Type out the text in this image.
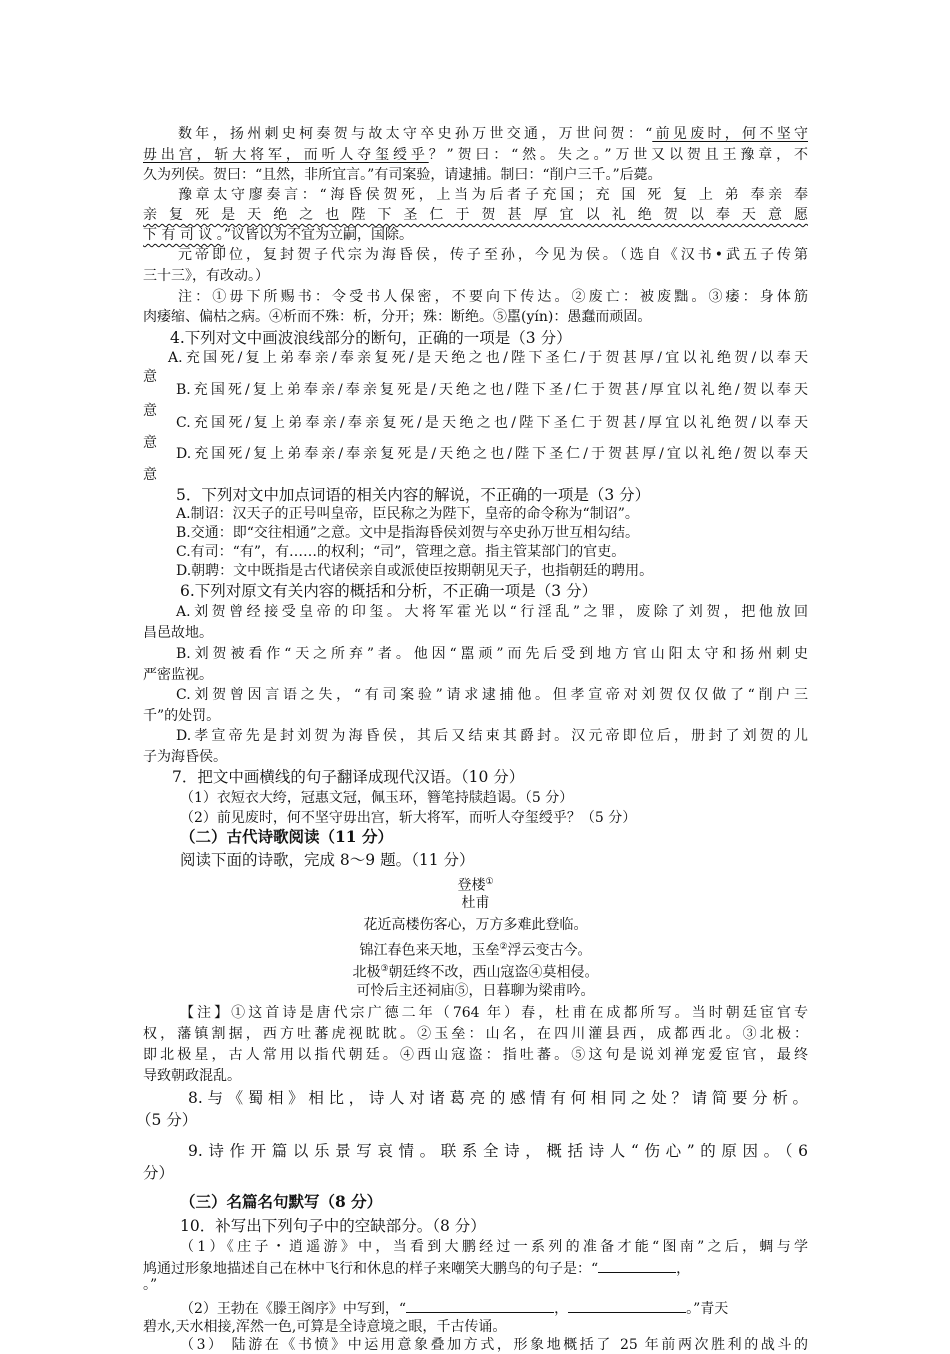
数年，扬州刺史柯奏贺与故太守卒史孙万世交通，万世问贺：“前见废时，何不坚守
毋出宫，斩大将军，而听人夺玺绶乎？”贺曰：“然。失之。”万世又以贺且王豫章，不
久为列侯。贺曰：“且然，非所宜言。”有司案验，请逮捕。制曰：“削户三千。”后薨。
豫章太守廖奏言：“海昏侯贺死，上当为后者子充国；充 国 死 复 上 弟 奉亲 奉
亲 复 死 是 天 绝 之 也 陛 下 圣 仁 于 贺 甚 厚 宜 以 礼 绝 贺 以 奉 天 意 愿
下 有 司 议 。”议皆以为不宜为立嗣，国除。
元帝即位，复封贺子代宗为海昏侯，传子至孙，今见为侯。（选自《汉书•武五子传第
三十三》，有改动。）
注：①毋下所赐书：令受书人保密，不要向下传达。②废亡：被废黜。③痿：身体筋
肉痿缩、偏枯之病。④析而不殊：析，分开；殊：断绝。⑤嚚(yín)：愚蠢而顽固。
4.下列对文中画波浪线部分的断句，正确的一项是（3 分）
A.充国死/复上弟奉亲/奉亲复死/是天绝之也/陛下圣仁/于贺甚厚/宜以礼绝贺/以奉天
意
B.充国死/复上弟奉亲/奉亲复死是/天绝之也/陛下圣/仁于贺甚/厚宜以礼绝/贺以奉天
意
C.充国死/复上弟奉亲/奉亲复死/是天绝之也/陛下圣仁于贺甚/厚宜以礼绝贺/以奉天
意
D.充国死/复上弟奉亲/奉亲复死是/天绝之也/陛下圣仁/于贺甚厚/宜以礼绝/贺以奉天
意
5．下列对文中加点词语的相关内容的解说，不正确的一项是（3 分）
A.制诏：汉天子的正号叫皇帝，臣民称之为陛下，皇帝的命令称为“制诏”。
B.交通：即“交往相通”之意。文中是指海昏侯刘贺与卒史孙万世互相勾结。
C.有司：“有”，有……的权利；“司”，管理之意。指主管某部门的官吏。
D.朝聘：文中既指是古代诸侯亲自或派使臣按期朝见天子，也指朝廷的聘用。
6.下列对原文有关内容的概括和分析，不正确一项是（3 分）
A.刘贺曾经接受皇帝的印玺。大将军霍光以“行淫乱”之罪，废除了刘贺，把他放回
昌邑故地。
B.刘贺被看作“天之所弃”者。他因“嚚顽”而先后受到地方官山阳太守和扬州刺史
严密监视。
C.刘贺曾因言语之失，“有司案验”请求逮捕他。但孝宣帝对刘贺仅仅做了“削户三
千”的处罚。
D.孝宣帝先是封刘贺为海昏侯，其后又结束其爵封。汉元帝即位后，册封了刘贺的儿
子为海昏侯。
7．把文中画横线的句子翻译成现代汉语。（10 分）
（1）衣短衣大绔，冠惠文冠，佩玉环，簪笔持牍趋谒。（5 分）
（2）前见废时，何不坚守毋出宫，斩大将军，而听人夺玺绶乎？（5 分）
（二）古代诗歌阅读（11 分）
阅读下面的诗歌，完成 8～9 题。（11 分）
登楼①
杜甫
花近高楼伤客心，万方多难此登临。
锦江春色来天地，玉垒②浮云变古今。
北极③朝廷终不改，西山寇盗④莫相侵。
可怜后主还祠庙⑤，日暮聊为梁甫吟。
【注】①这首诗是唐代宗广德二年（764 年）春，杜甫在成都所写。当时朝廷宦官专
权，藩镇割据，西方吐蕃虎视眈眈。②玉垒：山名，在四川灌县西，成都西北。③北极：
即北极星，古人常用以指代朝廷。④西山寇盗：指吐蕃。⑤这句是说刘禅宠爱宦官，最终
导致朝政混乱。
8.与《蜀相》相比，诗人对诸葛亮的感情有何相同之处？请简要分析。
（5 分）
9.诗作开篇以乐景写哀情。联系全诗，概括诗人“伤心”的原因。（6
分）
（三）名篇名句默写（8 分）
10．补写出下列句子中的空缺部分。（8 分）
（1）《庄子・逍遥游》中，当看到大鹏经过一系列的准备才能“图南”之后，蜩与学
鸠通过形象地描述自己在林中飞行和休息的样子来嘲笑大鹏鸟的句子是：“	，
。”
（2）王勃在《滕王阁序》中写到，“	，	。”青天
碧水,天水相接,浑然一色,可算是全诗意境之眼，千古传诵。
（3） 陆游在《书愤》中运用意象叠加方式，形象地概括了 25 年前两次胜利的战斗的
